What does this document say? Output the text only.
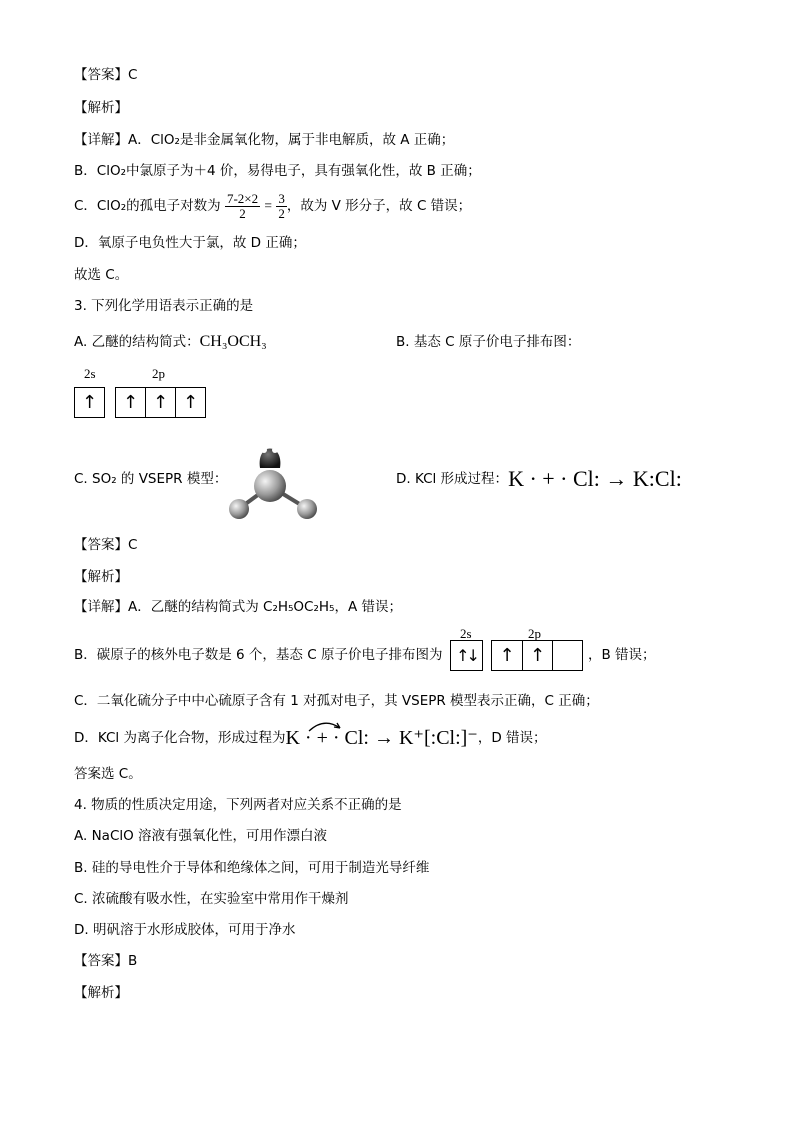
【答案】C
【解析】
【详解】A．ClO₂是非金属氧化物，属于非电解质，故 A 正确；
B．ClO₂中氯原子为＋4 价，易得电子，具有强氧化性，故 B 正确；
C．ClO₂的孤电子对数为 $\frac{7-2\times 2}{2} = \frac{3}{2}$ ，故为 V 形分子，故 C 错误；
D．氧原子电负性大于氯，故 D 正确；
故选 C。
3. 下列化学用语表示正确的是
A. 乙醚的结构简式：CH₃OCH₃	B. 基态 C 原子价电子排布图：
2s	2p
↑	↑ ↑ ↑
C. SO₂ 的 VSEPR 模型：	D. KCl 形成过程：K · + · Cl: → K:Cl:
【答案】C
【解析】
【详解】A．乙醚的结构简式为 C₂H₅OC₂H₅，A 错误；
2s	2p
B．碳原子的核外电子数是 6 个，基态 C 原子价电子排布图为 ↑↓	↑ ↑	，B 错误；
C．二氧化硫分子中中心硫原子含有 1 对孤对电子，其 VSEPR 模型表示正确，C 正确；
D．KCl 为离子化合物，形成过程为K · + · Cl: → K⁺[:Cl:]⁻，D 错误；
答案选 C。
4. 物质的性质决定用途，下列两者对应关系不正确的是
A. NaClO 溶液有强氧化性，可用作漂白液
B. 硅的导电性介于导体和绝缘体之间，可用于制造光导纤维
C. 浓硫酸有吸水性，在实验室中常用作干燥剂
D. 明矾溶于水形成胶体，可用于净水
【答案】B
【解析】
